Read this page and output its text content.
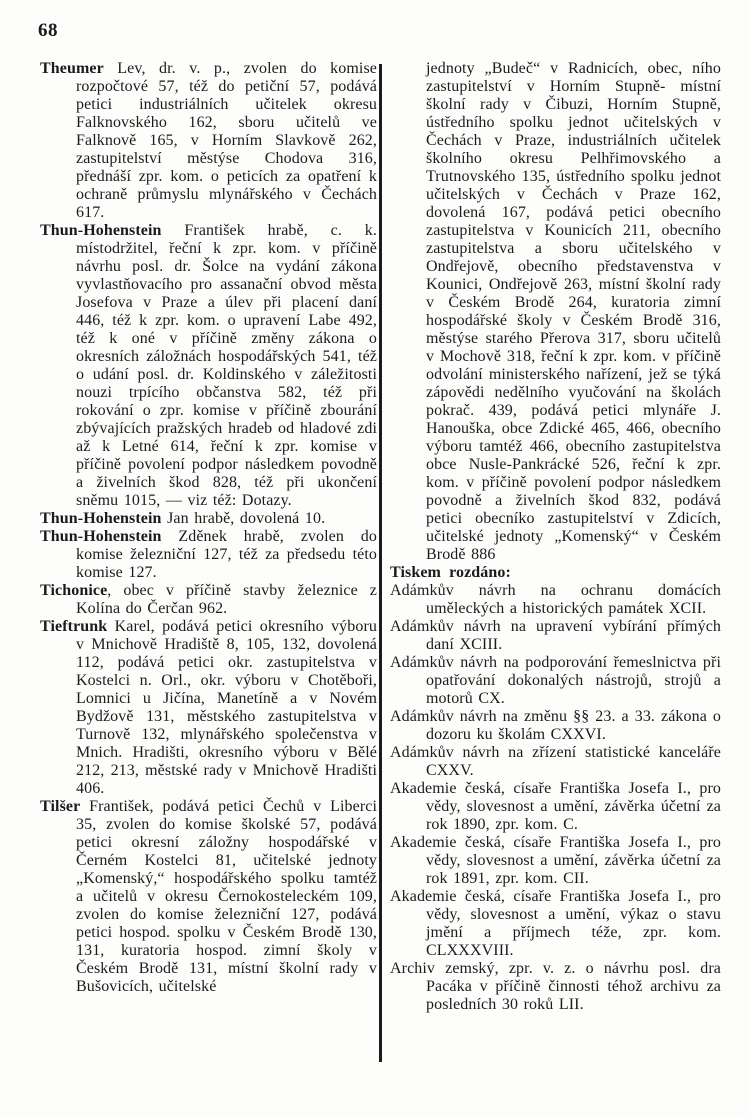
68

Theumer Lev, dr. v. p., zvolen do komise rozpočtové 57, též do petiční 57, podává petici industriálních učitelek okresu Falknovského 162, sboru učitelů ve Falknově 165, v Horním Slavkově 262, zastupitelství městýse Chodova 316, přednáší zpr. kom. o peticích za opatření k ochraně průmyslu mlynářského v Čechách 617.

Thun-Hohenstein František hrabě, c. k. místodržitel, řeční k zpr. kom. v příčině návrhu posl. dr. Šolce na vydání zákona vyvlastňovacího pro assanační obvod města Josefova v Praze a úlev při placení daní 446, též k zpr. kom. o upravení Labe 492, též k oné v příčině změny zákona o okresních záložnách hospodářských 541, též o udání posl. dr. Koldinského v záležitosti nouzi trpícího občanstva 582, též při rokování o zpr. komise v příčině zbourání zbývajících pražských hradeb od hladové zdi až k Letné 614, řeční k zpr. komise v příčině povolení podpor následkem povodně a živelních škod 828, též při ukončení sněmu 1015, — viz též: Dotazy.

Thun-Hohenstein Jan hrabě, dovolená 10.

Thun-Hohenstein Zděnek hrabě, zvolen do komise železniční 127, též za předsedu této komise 127.

Tichonice, obec v příčině stavby železnice z Kolína do Čerčan 962.

Tieftrunk Karel, podává petici okresního výboru v Mnichově Hradiště 8, 105, 132, dovolená 112, podává petici okr. zastupitelstva v Kostelci n. Orl., okr. výboru v Chotěboři, Lomnici u Jičína, Manetíně a v Novém Bydžově 131, městského zastupitelstva v Turnově 132, mlynářského společenstva v Mnich. Hradišti, okresního výboru v Bělé 212, 213, městské rady v Mnichově Hradišti 406.

Tilšer František, podává petici Čechů v Liberci 35, zvolen do komise školské 57, podává petici okresní záložny hospodářské v Černém Kostelci 81, učitelské jednoty „Komenský,“ hospodářského spolku tamtéž a učitelů v okresu Černokosteleckém 109, zvolen do komise železniční 127, podává petici hospod. spolku v Českém Brodě 130, 131, kuratoria hospod. zimní školy v Českém Brodě 131, místní školní rady v Bušovicích, učitelské

jednoty „Budeč“ v Radnicích, obec, ního zastupitelství v Horním Stupně- místní školní rady v Čibuzi, Horním Stupně, ústředního spolku jednot učitelských v Čechách v Praze, industriálních učitelek školního okresu Pelhřimovského a Trutnovského 135, ústředního spolku jednot učitelských v Čechách v Praze 162, dovolená 167, podává petici obecního zastupitelstva v Kounicích 211, obecního zastupitelstva a sboru učitelského v Ondřejově, obecního představenstva v Kounici, Ondřejově 263, místní školní rady v Českém Brodě 264, kuratoria zimní hospodářské školy v Českém Brodě 316, městýse starého Přerova 317, sboru učitelů v Mochově 318, řeční k zpr. kom. v příčině odvolání ministerského nařízení, jež se týká zápovědi nedělního vyučování na školách pokrač. 439, podává petici mlynáře J. Hanouška, obce Zdické 465, 466, obecního výboru tamtéž 466, obecního zastupitelstva obce Nusle-Pankrácké 526, řeční k zpr. kom. v příčině povolení podpor následkem povodně a živelních škod 832, podává petici obecníko zastupitelství v Zdicích, učitelské jednoty „Komenský“ v Českém Brodě 886

Tiskem rozdáno:

Adámkův návrh na ochranu domácích uměleckých a historických památek XCII.

Adámkův návrh na upravení vybírání přímých daní XCIII.

Adámkův návrh na podporování řemeslnictva při opatřování dokonalých nástrojů, strojů a motorů CX.

Adámkův návrh na změnu §§ 23. a 33. zákona o dozoru ku školám CXXVI.

Adámkův návrh na zřízení statistické kanceláře CXXV.

Akademie česká, císaře Františka Josefa I., pro vědy, slovesnost a umění, závěrka účetní za rok 1890, zpr. kom. C.

Akademie česká, císaře Františka Josefa I., pro vědy, slovesnost a umění, závěrka účetní za rok 1891, zpr. kom. CII.

Akademie česká, císaře Františka Josefa I., pro vědy, slovesnost a umění, výkaz o stavu jmění a příjmech téže, zpr. kom. CLXXXVIII.

Archiv zemský, zpr. v. z. o návrhu posl. dra Pacáka v příčině činnosti téhož archivu za posledních 30 roků LII.
